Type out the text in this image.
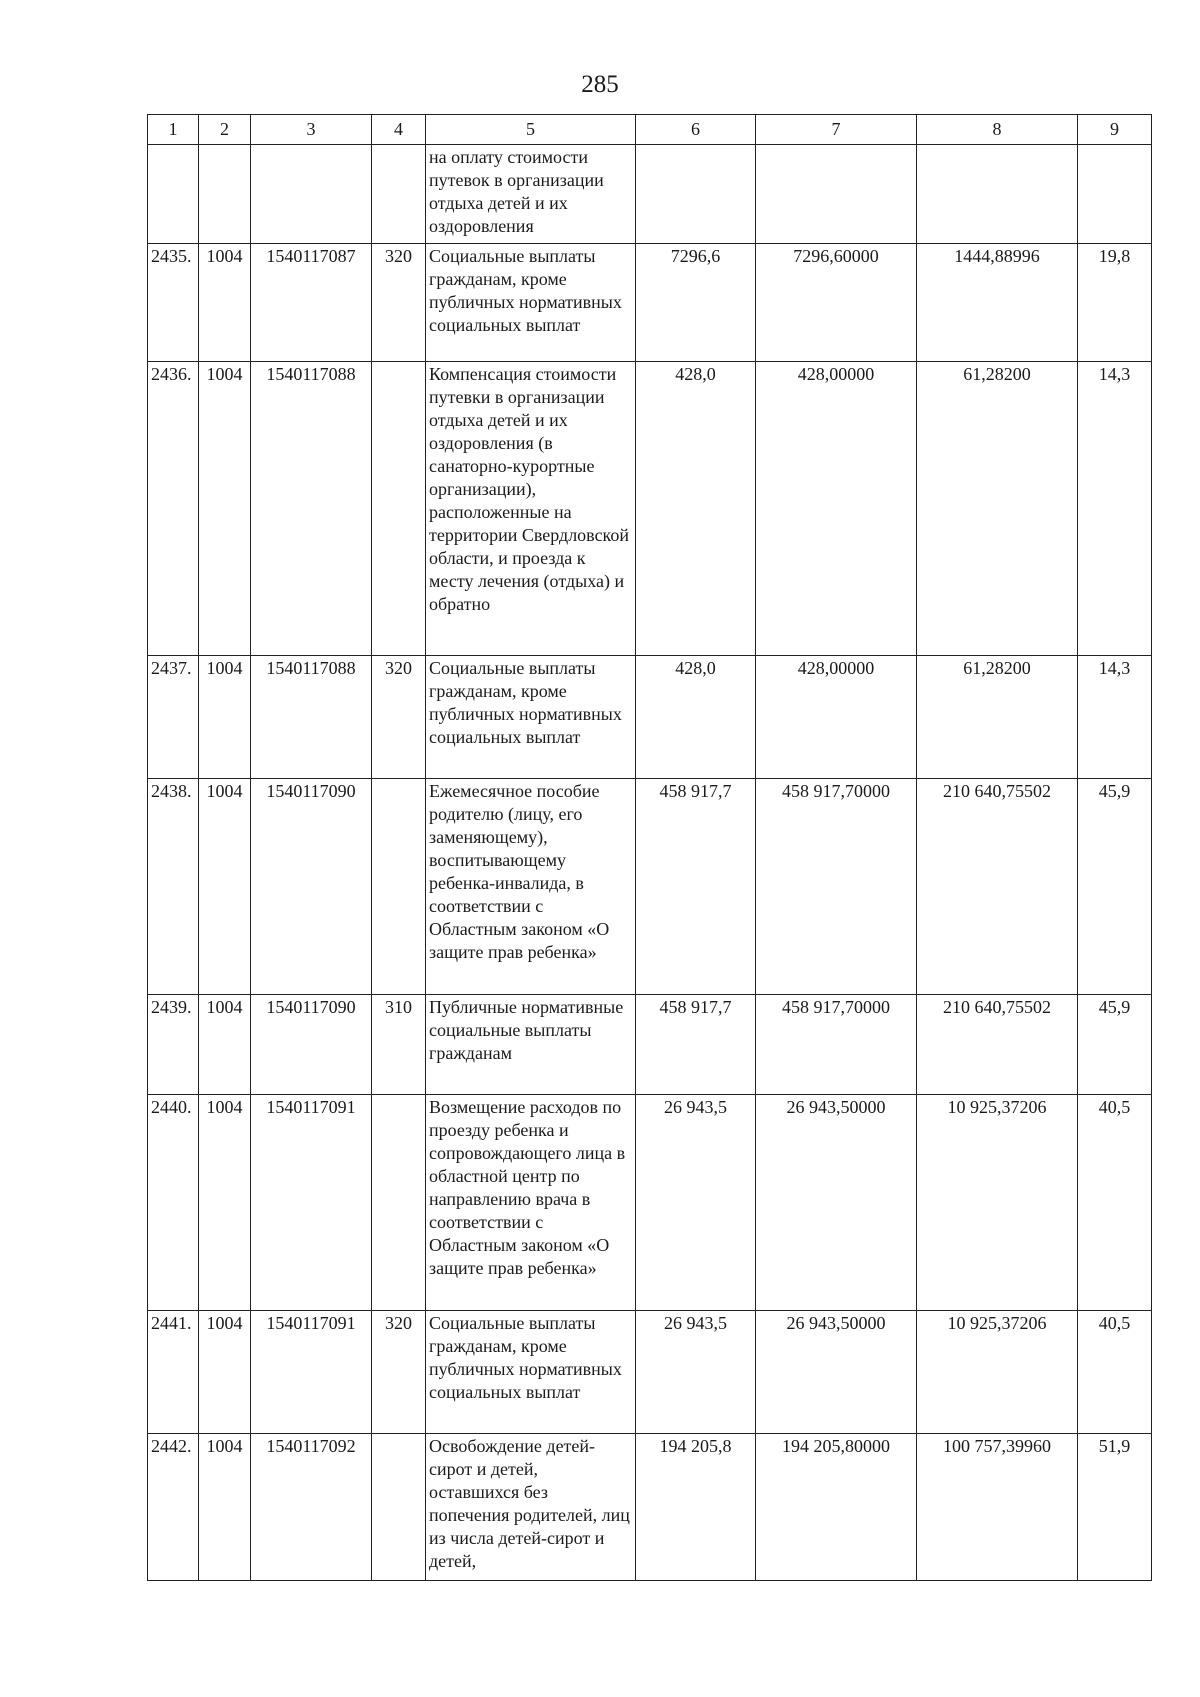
285
1	2	3	4	5	6	7	8	9
				на оплату стоимости путевок в организации отдыха детей и их оздоровления				
2435.	1004	1540117087	320	Социальные выплаты гражданам, кроме публичных нормативных социальных выплат	7296,6	7296,60000	1444,88996	19,8
2436.	1004	1540117088		Компенсация стоимости путевки в организации отдыха детей и их оздоровления (в санаторно-курортные организации), расположенные на территории Свердловской области, и проезда к месту лечения (отдыха) и обратно	428,0	428,00000	61,28200	14,3
2437.	1004	1540117088	320	Социальные выплаты гражданам, кроме публичных нормативных социальных выплат	428,0	428,00000	61,28200	14,3
2438.	1004	1540117090		Ежемесячное пособие родителю (лицу, его заменяющему), воспитывающему ребенка-инвалида, в соответствии с Областным законом «О защите прав ребенка»	458 917,7	458 917,70000	210 640,75502	45,9
2439.	1004	1540117090	310	Публичные нормативные социальные выплаты гражданам	458 917,7	458 917,70000	210 640,75502	45,9
2440.	1004	1540117091		Возмещение расходов по проезду ребенка и сопровождающего лица в областной центр по направлению врача в соответствии с Областным законом «О защите прав ребенка»	26 943,5	26 943,50000	10 925,37206	40,5
2441.	1004	1540117091	320	Социальные выплаты гражданам, кроме публичных нормативных социальных выплат	26 943,5	26 943,50000	10 925,37206	40,5
2442.	1004	1540117092		Освобождение детей-сирот и детей, оставшихся без попечения родителей, лиц из числа детей-сирот и детей,	194 205,8	194 205,80000	100 757,39960	51,9
